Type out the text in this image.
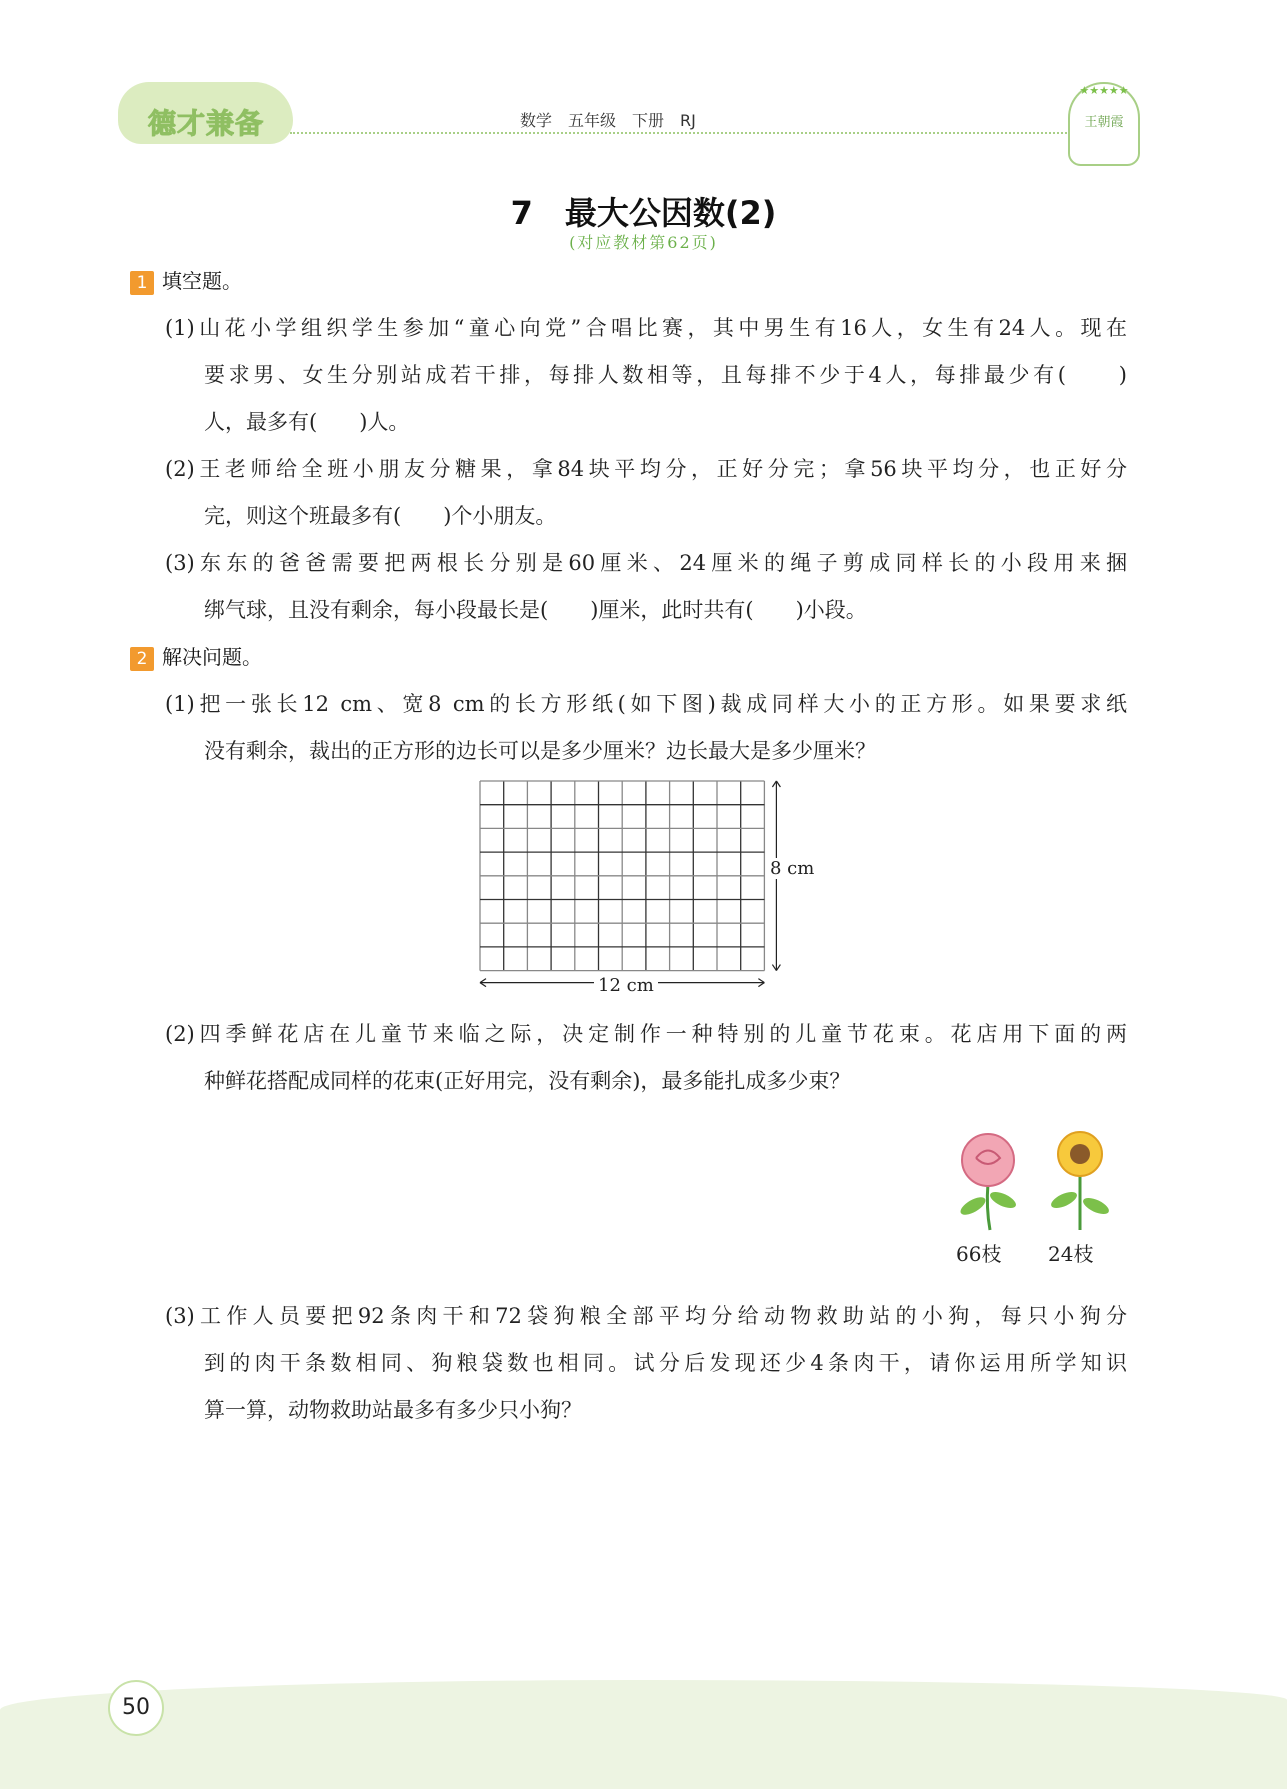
德才兼备	数学　五年级　下册　RJ
★★★★★
王朝霞
7　最大公因数(2)
(对应教材第62页)
1 填空题。
(1)山花小学组织学生参加“童心向党”合唱比赛，其中男生有16人，女生有24人。现在
要求男、女生分别站成若干排，每排人数相等，且每排不少于4人，每排最少有(　　)
人，最多有(　　)人。
(2)王老师给全班小朋友分糖果，拿84块平均分，正好分完；拿56块平均分，也正好分
完，则这个班最多有(　　)个小朋友。
(3)东东的爸爸需要把两根长分别是60厘米、24厘米的绳子剪成同样长的小段用来捆
绑气球，且没有剩余，每小段最长是(　　)厘米，此时共有(　　)小段。
2 解决问题。
(1)把一张长12 cm、宽8 cm的长方形纸(如下图)裁成同样大小的正方形。如果要求纸
没有剩余，裁出的正方形的边长可以是多少厘米？边长最大是多少厘米？
8 cm
12 cm
(2)四季鲜花店在儿童节来临之际，决定制作一种特别的儿童节花束。花店用下面的两
种鲜花搭配成同样的花束(正好用完，没有剩余)，最多能扎成多少束？
66枝 24枝
(3)工作人员要把92条肉干和72袋狗粮全部平均分给动物救助站的小狗，每只小狗分
到的肉干条数相同、狗粮袋数也相同。试分后发现还少4条肉干，请你运用所学知识
算一算，动物救助站最多有多少只小狗？
50
